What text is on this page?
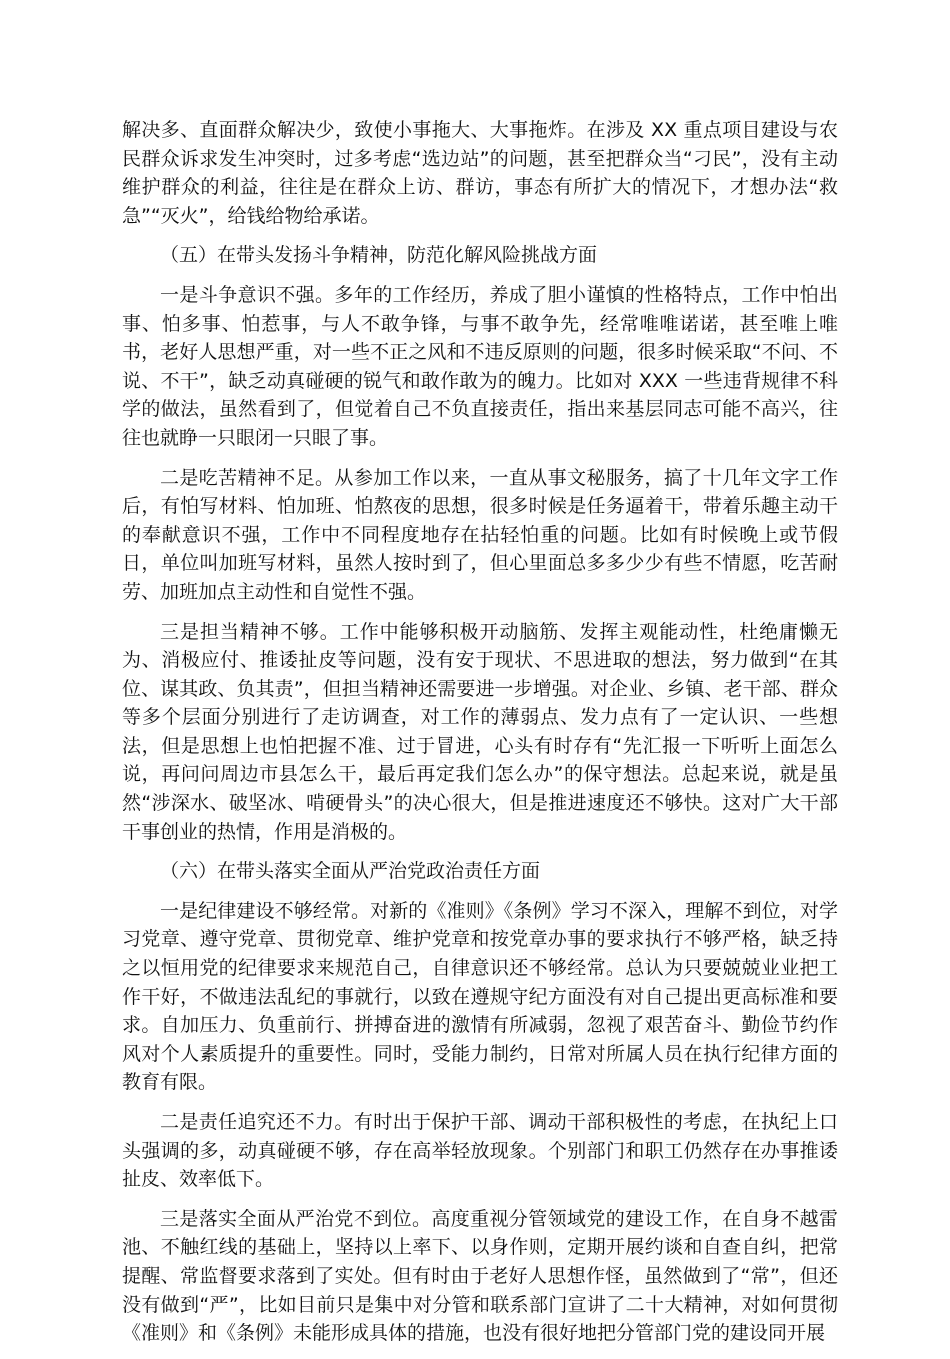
解决多、直面群众解决少，致使小事拖大、大事拖炸。在涉及 XX 重点项目建设与农民群众诉求发生冲突时，过多考虑“选边站”的问题，甚至把群众当“刁民”，没有主动维护群众的利益，往往是在群众上访、群访，事态有所扩大的情况下，才想办法“救急”“灭火”，给钱给物给承诺。

（五）在带头发扬斗争精神，防范化解风险挑战方面

一是斗争意识不强。多年的工作经历，养成了胆小谨慎的性格特点，工作中怕出事、怕多事、怕惹事，与人不敢争锋，与事不敢争先，经常唯唯诺诺，甚至唯上唯书，老好人思想严重，对一些不正之风和不违反原则的问题，很多时候采取“不问、不说、不干”，缺乏动真碰硬的锐气和敢作敢为的魄力。比如对 XXX 一些违背规律不科学的做法，虽然看到了，但觉着自己不负直接责任，指出来基层同志可能不高兴，往往也就睁一只眼闭一只眼了事。

二是吃苦精神不足。从参加工作以来，一直从事文秘服务，搞了十几年文字工作后，有怕写材料、怕加班、怕熬夜的思想，很多时候是任务逼着干，带着乐趣主动干的奉献意识不强，工作中不同程度地存在拈轻怕重的问题。比如有时候晚上或节假日，单位叫加班写材料，虽然人按时到了，但心里面总多多少少有些不情愿，吃苦耐劳、加班加点主动性和自觉性不强。

三是担当精神不够。工作中能够积极开动脑筋、发挥主观能动性，杜绝庸懒无为、消极应付、推诿扯皮等问题，没有安于现状、不思进取的想法，努力做到“在其位、谋其政、负其责”，但担当精神还需要进一步增强。对企业、乡镇、老干部、群众等多个层面分别进行了走访调查，对工作的薄弱点、发力点有了一定认识、一些想法，但是思想上也怕把握不准、过于冒进，心头有时存有“先汇报一下听听上面怎么说，再问问周边市县怎么干，最后再定我们怎么办”的保守想法。总起来说，就是虽然“涉深水、破坚冰、啃硬骨头”的决心很大，但是推进速度还不够快。这对广大干部干事创业的热情，作用是消极的。

（六）在带头落实全面从严治党政治责任方面

一是纪律建设不够经常。对新的《准则》《条例》学习不深入，理解不到位，对学习党章、遵守党章、贯彻党章、维护党章和按党章办事的要求执行不够严格，缺乏持之以恒用党的纪律要求来规范自己，自律意识还不够经常。总认为只要兢兢业业把工作干好，不做违法乱纪的事就行，以致在遵规守纪方面没有对自己提出更高标准和要求。自加压力、负重前行、拼搏奋进的激情有所减弱，忽视了艰苦奋斗、勤俭节约作风对个人素质提升的重要性。同时，受能力制约，日常对所属人员在执行纪律方面的教育有限。

二是责任追究还不力。有时出于保护干部、调动干部积极性的考虑，在执纪上口头强调的多，动真碰硬不够，存在高举轻放现象。个别部门和职工仍然存在办事推诿扯皮、效率低下。

三是落实全面从严治党不到位。高度重视分管领域党的建设工作，在自身不越雷池、不触红线的基础上，坚持以上率下、以身作则，定期开展约谈和自查自纠，把常提醒、常监督要求落到了实处。但有时由于老好人思想作怪，虽然做到了“常”，但还没有做到“严”，比如目前只是集中对分管和联系部门宣讲了二十大精神，对如何贯彻《准则》和《条例》未能形成具体的措施，也没有很好地把分管部门党的建设同开展
